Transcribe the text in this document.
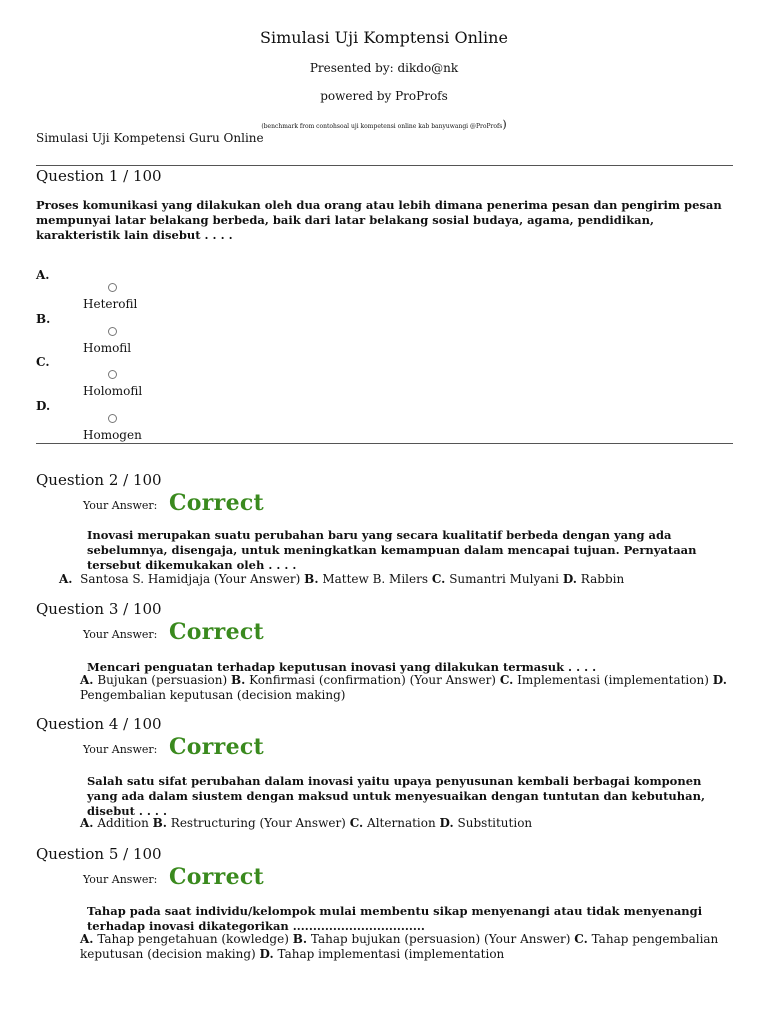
Simulasi Uji Komptensi Online
Presented by: dikdo@nk
powered by ProProfs
(benchmark from contohsoal uji kompetensi online kab banyuwangi @ProProfs)
Simulasi Uji Kompetensi Guru Online
Question 1 / 100
Proses komunikasi yang dilakukan oleh dua orang atau lebih dimana penerima pesan dan pengirim pesan mempunyai latar belakang berbeda, baik dari latar belakang sosial budaya, agama, pendidikan, karakteristik lain disebut . . . .
A.
Heterofil
B.
Homofil
C.
Holomofil
D.
Homogen
Question 2 / 100
Your Answer: Correct
Inovasi merupakan suatu perubahan baru yang secara kualitatif berbeda dengan yang ada sebelumnya, disengaja, untuk meningkatkan kemampuan dalam mencapai tujuan. Pernyataan tersebut dikemukakan oleh . . . .
A. Santosa S. Hamidjaja (Your Answer) B. Mattew B. Milers C. Sumantri Mulyani D. Rabbin
Question 3 / 100
Your Answer: Correct
Mencari penguatan terhadap keputusan inovasi yang dilakukan termasuk . . . .
A. Bujukan (persuasion) B. Konfirmasi (confirmation) (Your Answer) C. Implementasi (implementation) D. Pengembalian keputusan (decision making)
Question 4 / 100
Your Answer: Correct
Salah satu sifat perubahan dalam inovasi yaitu upaya penyusunan kembali berbagai komponen yang ada dalam siustem dengan maksud untuk menyesuaikan dengan tuntutan dan kebutuhan, disebut . . . .
A. Addition B. Restructuring (Your Answer) C. Alternation D. Substitution
Question 5 / 100
Your Answer: Correct
Tahap pada saat individu/kelompok mulai membentu sikap menyenangi atau tidak menyenangi terhadap inovasi dikategorikan .................................
A. Tahap pengetahuan (kowledge) B. Tahap bujukan (persuasion) (Your Answer) C. Tahap pengembalian keputusan (decision making) D. Tahap implementasi (implementation
